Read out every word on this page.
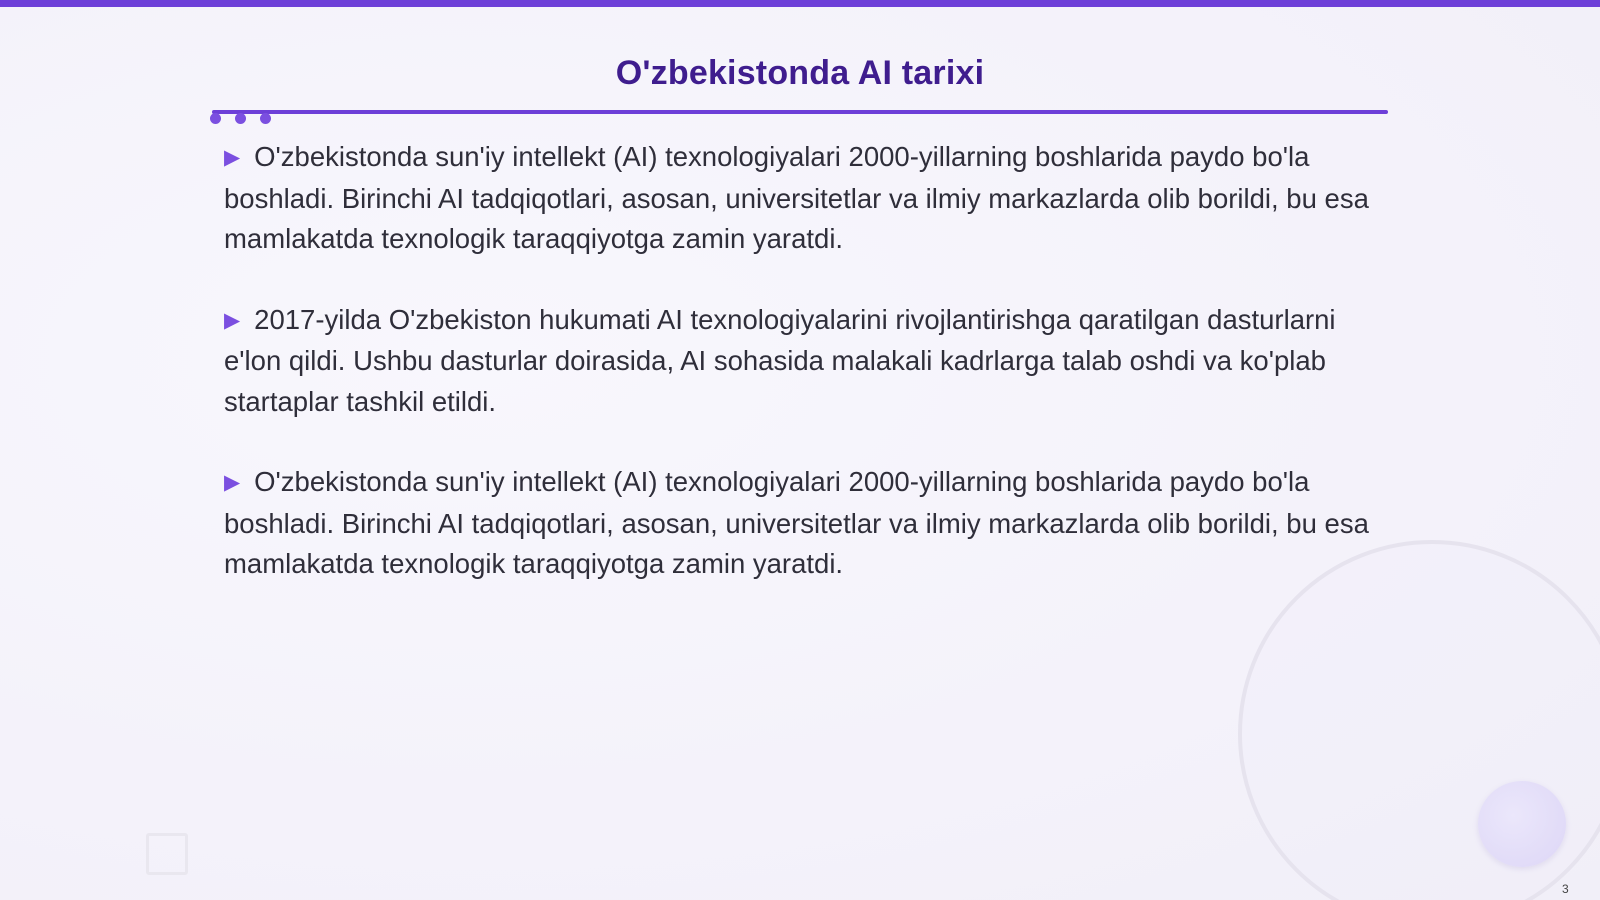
O'zbekistonda AI tarixi
▶ O'zbekistonda sun'iy intellekt (AI) texnologiyalari 2000-yillarning boshlarida paydo bo'la boshladi. Birinchi AI tadqiqotlari, asosan, universitetlar va ilmiy markazlarda olib borildi, bu esa mamlakatda texnologik taraqqiyotga zamin yaratdi.
▶ 2017-yilda O'zbekiston hukumati AI texnologiyalarini rivojlantirishga qaratilgan dasturlarni e'lon qildi. Ushbu dasturlar doirasida, AI sohasida malakali kadrlarga talab oshdi va ko'plab startaplar tashkil etildi.
▶ O'zbekistonda sun'iy intellekt (AI) texnologiyalari 2000-yillarning boshlarida paydo bo'la boshladi. Birinchi AI tadqiqotlari, asosan, universitetlar va ilmiy markazlarda olib borildi, bu esa mamlakatda texnologik taraqqiyotga zamin yaratdi.
3
